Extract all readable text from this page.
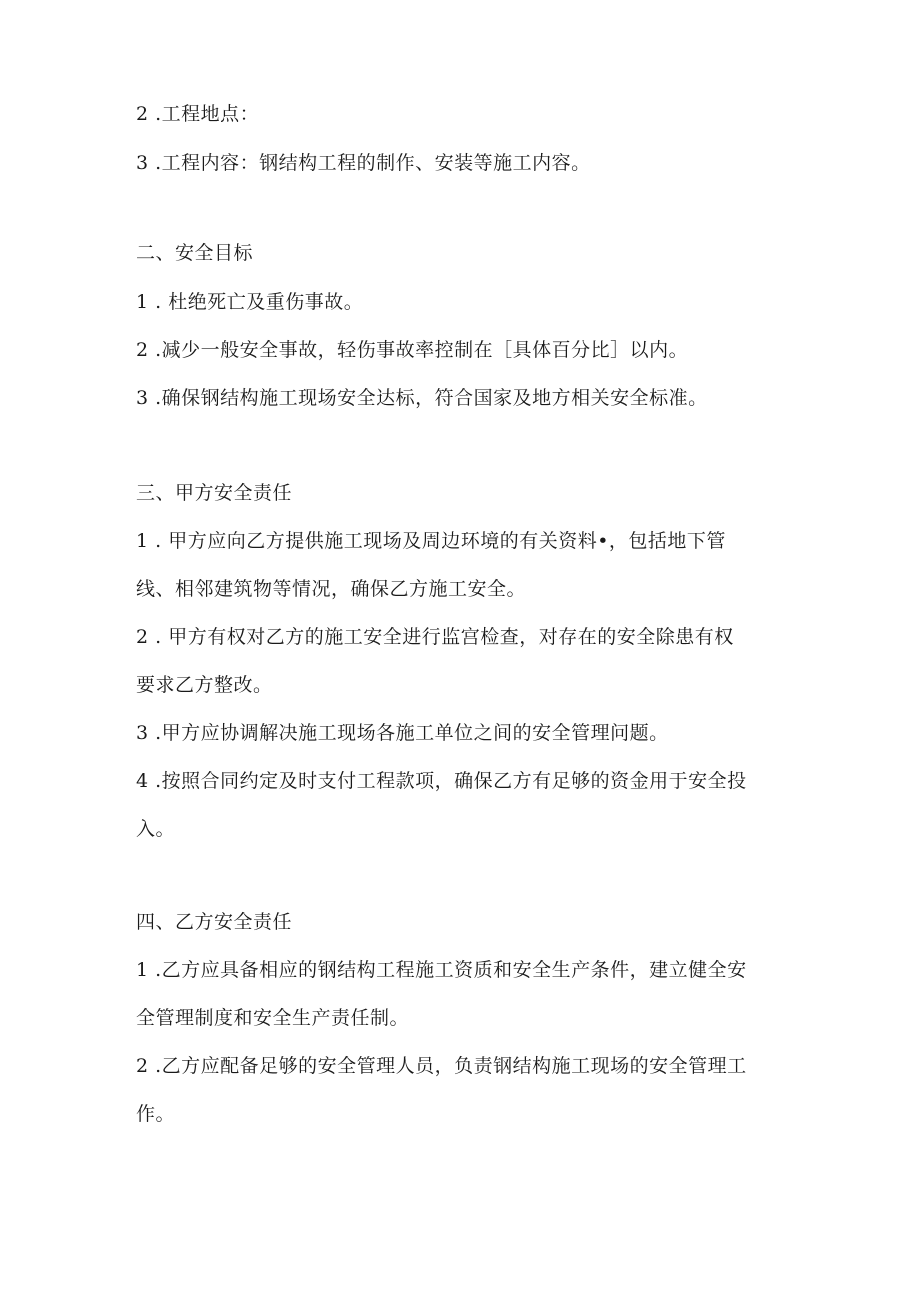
2 .工程地点：
3 .工程内容：钢结构工程的制作、安装等施工内容。
二、安全目标
1 . 杜绝死亡及重伤事故。
2 .减少一般安全事故，轻伤事故率控制在［具体百分比］以内。
3 .确保钢结构施工现场安全达标，符合国家及地方相关安全标准。
三、甲方安全责任
1 . 甲方应向乙方提供施工现场及周边环境的有关资料•，包括地下管
线、相邻建筑物等情况，确保乙方施工安全。
2 . 甲方有权对乙方的施工安全进行监宫检查，对存在的安全除患有权
要求乙方整改。
3 .甲方应协调解决施工现场各施工单位之间的安全管理问题。
4 .按照合同约定及时支付工程款项，确保乙方有足够的资金用于安全投
入。
四、乙方安全责任
1 .乙方应具备相应的钢结构工程施工资质和安全生产条件，建立健全安
全管理制度和安全生产责任制。
2 .乙方应配备足够的安全管理人员，负责钢结构施工现场的安全管理工
作。
